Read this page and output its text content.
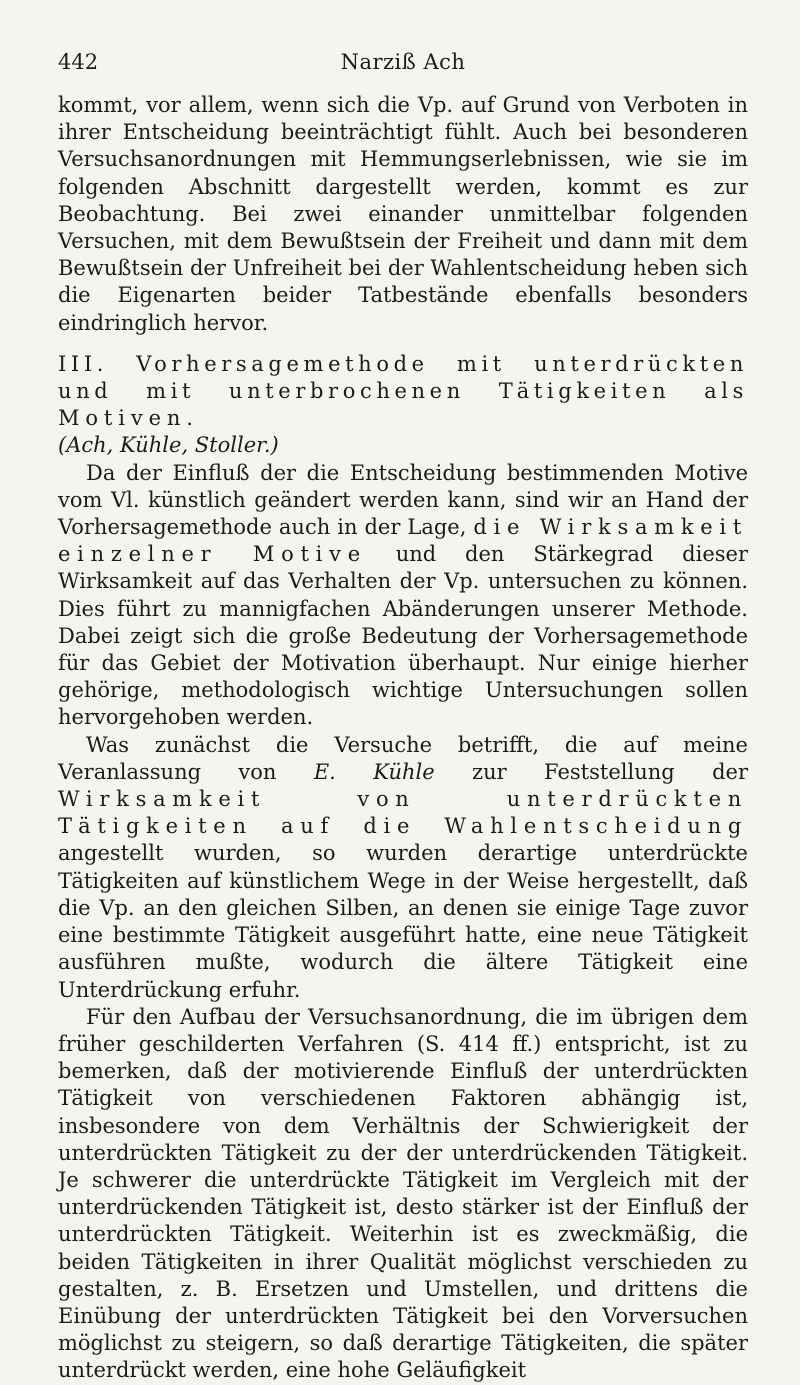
442	Narziß Ach

kommt, vor allem, wenn sich die Vp. auf Grund von Verboten in ihrer Entscheidung beeinträchtigt fühlt. Auch bei besonderen Versuchsanordnungen mit Hemmungserlebnissen, wie sie im folgenden Abschnitt dargestellt werden, kommt es zur Beobachtung. Bei zwei einander unmittelbar folgenden Versuchen, mit dem Bewußtsein der Freiheit und dann mit dem Bewußtsein der Unfreiheit bei der Wahlentscheidung heben sich die Eigenarten beider Tatbestände ebenfalls besonders eindringlich hervor.

III. Vorhersagemethode mit unterdrückten

und mit unterbrochenen Tätigkeiten als

Motiven.

(Ach, Kühle, Stoller.)

Da der Einfluß der die Entscheidung bestimmenden Motive vom Vl. künstlich geändert werden kann, sind wir an Hand der Vorhersagemethode auch in der Lage, die Wirksamkeit einzelner Motive und den Stärkegrad dieser Wirksamkeit auf das Verhalten der Vp. untersuchen zu können. Dies führt zu mannigfachen Abänderungen unserer Methode. Dabei zeigt sich die große Bedeutung der Vorhersagemethode für das Gebiet der Motivation überhaupt. Nur einige hierher gehörige, methodologisch wichtige Untersuchungen sollen hervorgehoben werden.

Was zunächst die Versuche betrifft, die auf meine Veranlassung von E. Kühle zur Feststellung der Wirksamkeit von unterdrückten Tätigkeiten auf die Wahlentscheidung angestellt wurden, so wurden derartige unterdrückte Tätigkeiten auf künstlichem Wege in der Weise hergestellt, daß die Vp. an den gleichen Silben, an denen sie einige Tage zuvor eine bestimmte Tätigkeit ausgeführt hatte, eine neue Tätigkeit ausführen mußte, wodurch die ältere Tätigkeit eine Unterdrückung erfuhr.

Für den Aufbau der Versuchsanordnung, die im übrigen dem früher geschilderten Verfahren (S. 414 ff.) entspricht, ist zu bemerken, daß der motivierende Einfluß der unterdrückten Tätigkeit von verschiedenen Faktoren abhängig ist, insbesondere von dem Verhältnis der Schwierigkeit der unterdrückten Tätigkeit zu der der unterdrückenden Tätigkeit. Je schwerer die unterdrückte Tätigkeit im Vergleich mit der unterdrückenden Tätigkeit ist, desto stärker ist der Einfluß der unterdrückten Tätigkeit. Weiterhin ist es zweckmäßig, die beiden Tätigkeiten in ihrer Qualität möglichst verschieden zu gestalten, z. B. Ersetzen und Umstellen, und drittens die Einübung der unterdrückten Tätigkeit bei den Vorversuchen möglichst zu steigern, so daß derartige Tätigkeiten, die später unterdrückt werden, eine hohe Geläufigkeit
